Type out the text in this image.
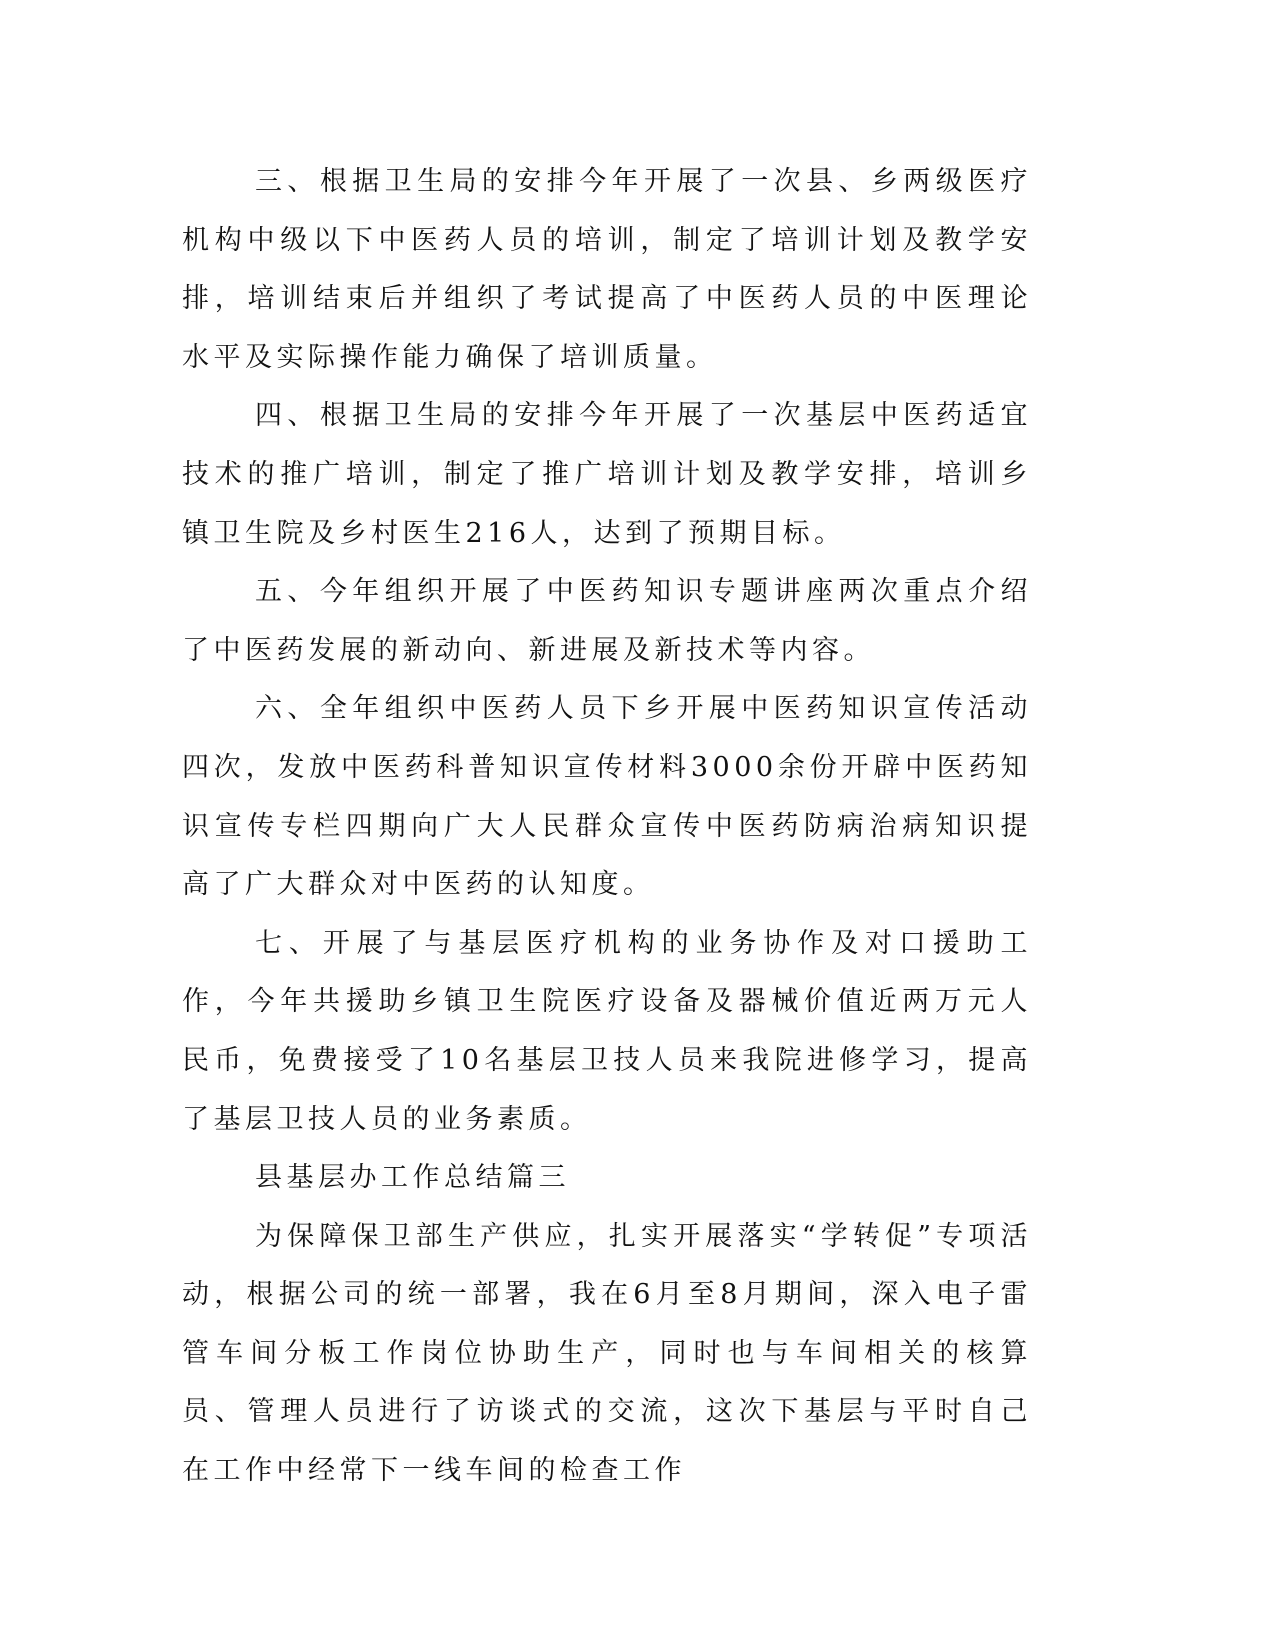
三、根据卫生局的安排今年开展了一次县、乡两级医疗机构中级以下中医药人员的培训，制定了培训计划及教学安排，培训结束后并组织了考试提高了中医药人员的中医理论水平及实际操作能力确保了培训质量。

四、根据卫生局的安排今年开展了一次基层中医药适宜技术的推广培训，制定了推广培训计划及教学安排，培训乡镇卫生院及乡村医生216人，达到了预期目标。

五、今年组织开展了中医药知识专题讲座两次重点介绍了中医药发展的新动向、新进展及新技术等内容。

六、全年组织中医药人员下乡开展中医药知识宣传活动四次，发放中医药科普知识宣传材料3000余份开辟中医药知识宣传专栏四期向广大人民群众宣传中医药防病治病知识提高了广大群众对中医药的认知度。

七、开展了与基层医疗机构的业务协作及对口援助工作，今年共援助乡镇卫生院医疗设备及器械价值近两万元人民币，免费接受了10名基层卫技人员来我院进修学习，提高了基层卫技人员的业务素质。

县基层办工作总结篇三

为保障保卫部生产供应，扎实开展落实“学转促”专项活动，根据公司的统一部署，我在6月至8月期间，深入电子雷管车间分板工作岗位协助生产，同时也与车间相关的核算员、管理人员进行了访谈式的交流，这次下基层与平时自己在工作中经常下一线车间的检查工作
